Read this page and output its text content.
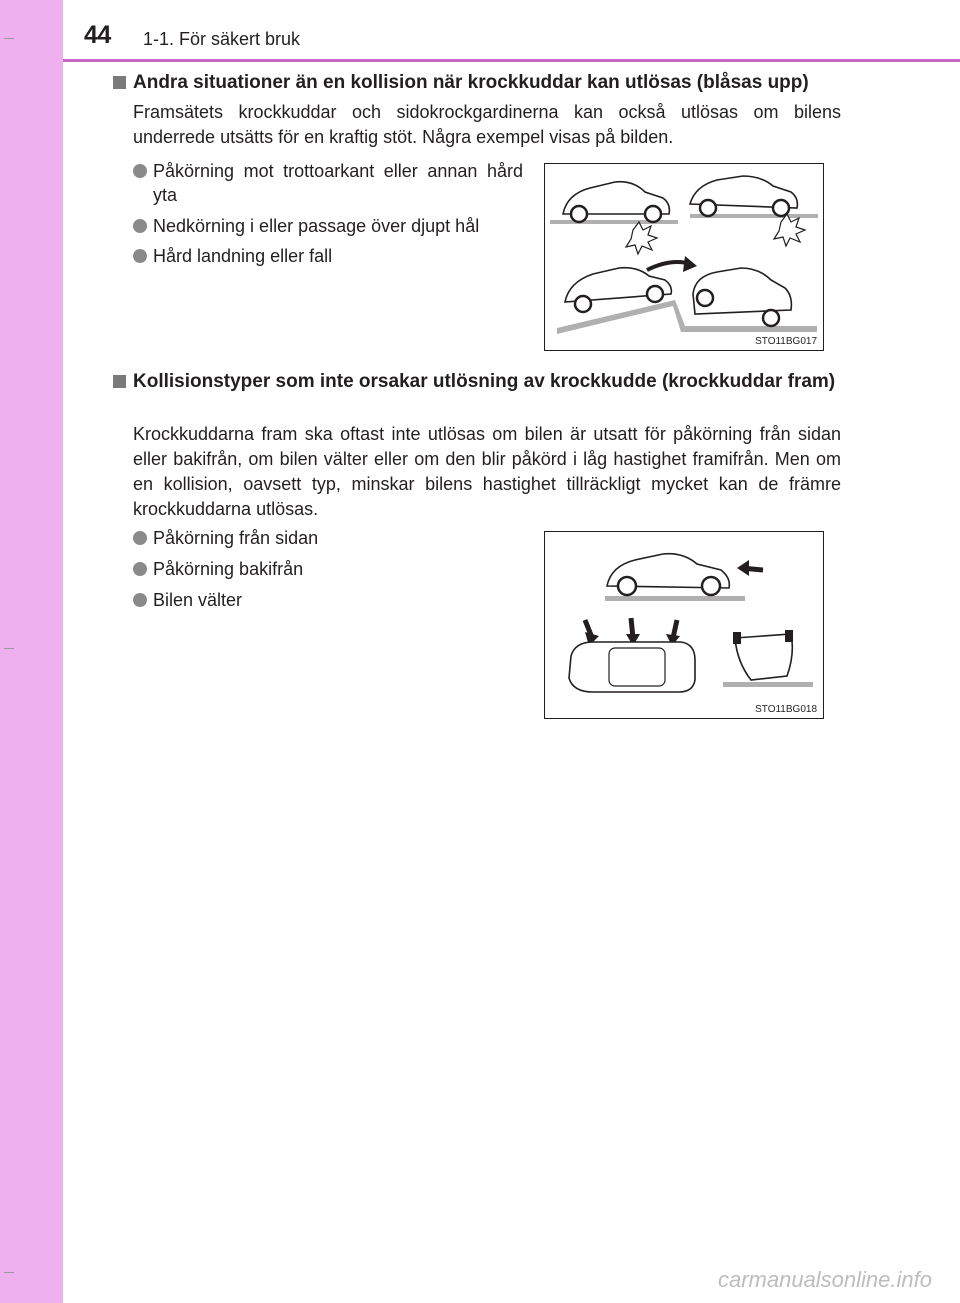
44 1-1. För säkert bruk
Andra situationer än en kollision när krockkuddar kan utlösas (blåsas upp)
Framsätets krockkuddar och sidokrockgardinerna kan också utlösas om bilens underrede utsätts för en kraftig stöt. Några exempel visas på bilden.
Påkörning mot trottoarkant eller annan hård yta
Nedkörning i eller passage över djupt hål
Hård landning eller fall
STO11BG017
Kollisionstyper som inte orsakar utlösning av krockkudde (krockkuddar fram)
Krockkuddarna fram ska oftast inte utlösas om bilen är utsatt för påkörning från sidan eller bakifrån, om bilen välter eller om den blir påkörd i låg hastighet framifrån. Men om en kollision, oavsett typ, minskar bilens hastighet tillräckligt mycket kan de främre krockkuddarna utlösas.
Påkörning från sidan
Påkörning bakifrån
Bilen välter
STO11BG018
carmanualsonline.info
